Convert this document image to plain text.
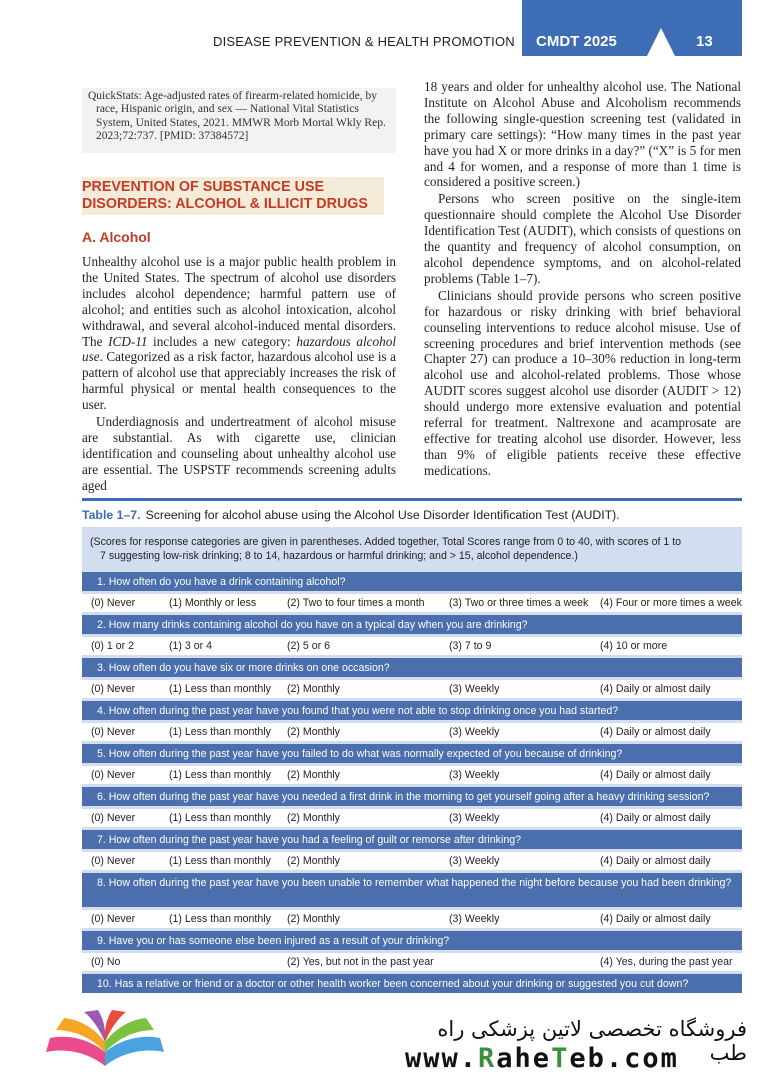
DISEASE PREVENTION & HEALTH PROMOTION CMDT 2025	13

QuickStats: Age-adjusted rates of firearm-related homicide, by race, Hispanic origin, and sex — National Vital Statistics System, United States, 2021. MMWR Morb Mortal Wkly Rep. 2023;72:737. [PMID: 37384572]

PREVENTION OF SUBSTANCE USE
DISORDERS: ALCOHOL & ILLICIT DRUGS
A. Alcohol

Unhealthy alcohol use is a major public health problem in the United States. The spectrum of alcohol use disorders includes alcohol dependence; harmful pattern use of alcohol; and entities such as alcohol intoxication, alcohol withdrawal, and several alcohol-induced mental disorders. The ICD-11 includes a new category: hazardous alcohol use. Categorized as a risk factor, hazardous alcohol use is a pattern of alcohol use that appreciably increases the risk of harmful physical or mental health consequences to the user.

Underdiagnosis and undertreatment of alcohol misuse are substantial. As with cigarette use, clinician identification and counseling about unhealthy alcohol use are essential. The USPSTF recommends screening adults aged

18 years and older for unhealthy alcohol use. The National Institute on Alcohol Abuse and Alcoholism recommends the following single-question screening test (validated in primary care settings): “How many times in the past year have you had X or more drinks in a day?” (“X” is 5 for men and 4 for women, and a response of more than 1 time is considered a positive screen.)

Persons who screen positive on the single-item questionnaire should complete the Alcohol Use Disorder Identification Test (AUDIT), which consists of questions on the quantity and frequency of alcohol consumption, on alcohol dependence symptoms, and on alcohol-related problems (Table 1–7).

Clinicians should provide persons who screen positive for hazardous or risky drinking with brief behavioral counseling interventions to reduce alcohol misuse. Use of screening procedures and brief intervention methods (see Chapter 27) can produce a 10–30% reduction in long-term alcohol use and alcohol-related problems. Those whose AUDIT scores suggest alcohol use disorder (AUDIT > 12) should undergo more extensive evaluation and potential referral for treatment. Naltrexone and acamprosate are effective for treating alcohol use disorder. However, less than 9% of eligible patients receive these effective medications.

Table 1–7. Screening for alcohol abuse using the Alcohol Use Disorder Identification Test (AUDIT).
(Scores for response categories are given in parentheses. Added together, Total Scores range from 0 to 40, with scores of 1 to
7 suggesting low-risk drinking; 8 to 14, hazardous or harmful drinking; and > 15, alcohol dependence.)
1. How often do you have a drink containing alcohol?
(0) Never	(1) Monthly or less	(2) Two to four times a month (3) Two or three times a week (4) Four or more times a week
2. How many drinks containing alcohol do you have on a typical day when you are drinking?
(0) 1 or 2	(1) 3 or 4	(2) 5 or 6	(3) 7 to 9	(4) 10 or more
3. How often do you have six or more drinks on one occasion?
(0) Never	(1) Less than monthly (2) Monthly	(3) Weekly	(4) Daily or almost daily
4. How often during the past year have you found that you were not able to stop drinking once you had started?
(0) Never	(1) Less than monthly (2) Monthly	(3) Weekly	(4) Daily or almost daily
5. How often during the past year have you failed to do what was normally expected of you because of drinking?
(0) Never	(1) Less than monthly (2) Monthly	(3) Weekly	(4) Daily or almost daily
6. How often during the past year have you needed a first drink in the morning to get yourself going after a heavy drinking session?
(0) Never	(1) Less than monthly (2) Monthly	(3) Weekly	(4) Daily or almost daily
7. How often during the past year have you had a feeling of guilt or remorse after drinking?
(0) Never	(1) Less than monthly (2) Monthly	(3) Weekly	(4) Daily or almost daily
8. How often during the past year have you been unable to remember what happened the night before because you had been drinking?
(0) Never	(1) Less than monthly (2) Monthly	(3) Weekly	(4) Daily or almost daily
9. Have you or has someone else been injured as a result of your drinking?
(0) No	(2) Yes, but not in the past year	(4) Yes, during the past year
10. Has a relative or friend or a doctor or other health worker been concerned about your drinking or suggested you cut down?
فروشگاه تخصصی لاتین پزشکی راه طب
www.RaheTeb.com
